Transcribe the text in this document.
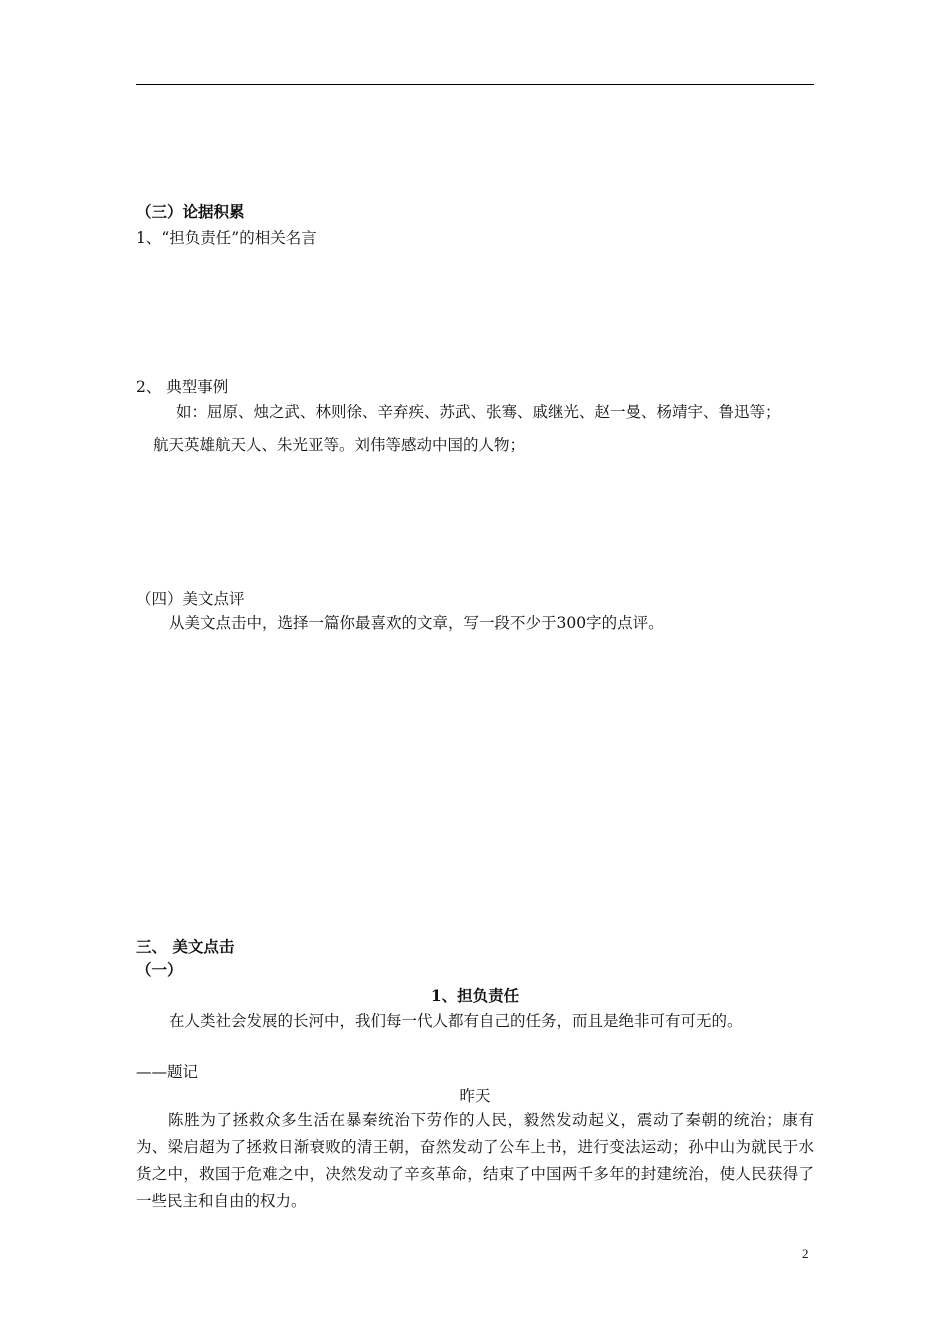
（三）论据积累
1、“担负责任”的相关名言
2、 典型事例
如：屈原、烛之武、林则徐、辛弃疾、苏武、张骞、戚继光、赵一曼、杨靖宇、鲁迅等；
航天英雄航天人、朱光亚等。刘伟等感动中国的人物；
（四）美文点评
从美文点击中，选择一篇你最喜欢的文章，写一段不少于300字的点评。
三、 美文点击
（一）
1、担负责任
在人类社会发展的长河中，我们每一代人都有自己的任务，而且是绝非可有可无的。
——题记
昨天
陈胜为了拯救众多生活在暴秦统治下劳作的人民，毅然发动起义，震动了秦朝的统治；康有为、梁启超为了拯救日渐衰败的清王朝，奋然发动了公车上书，进行变法运动；孙中山为就民于水货之中，救国于危难之中，决然发动了辛亥革命，结束了中国两千多年的封建统治，使人民获得了一些民主和自由的权力。
2
